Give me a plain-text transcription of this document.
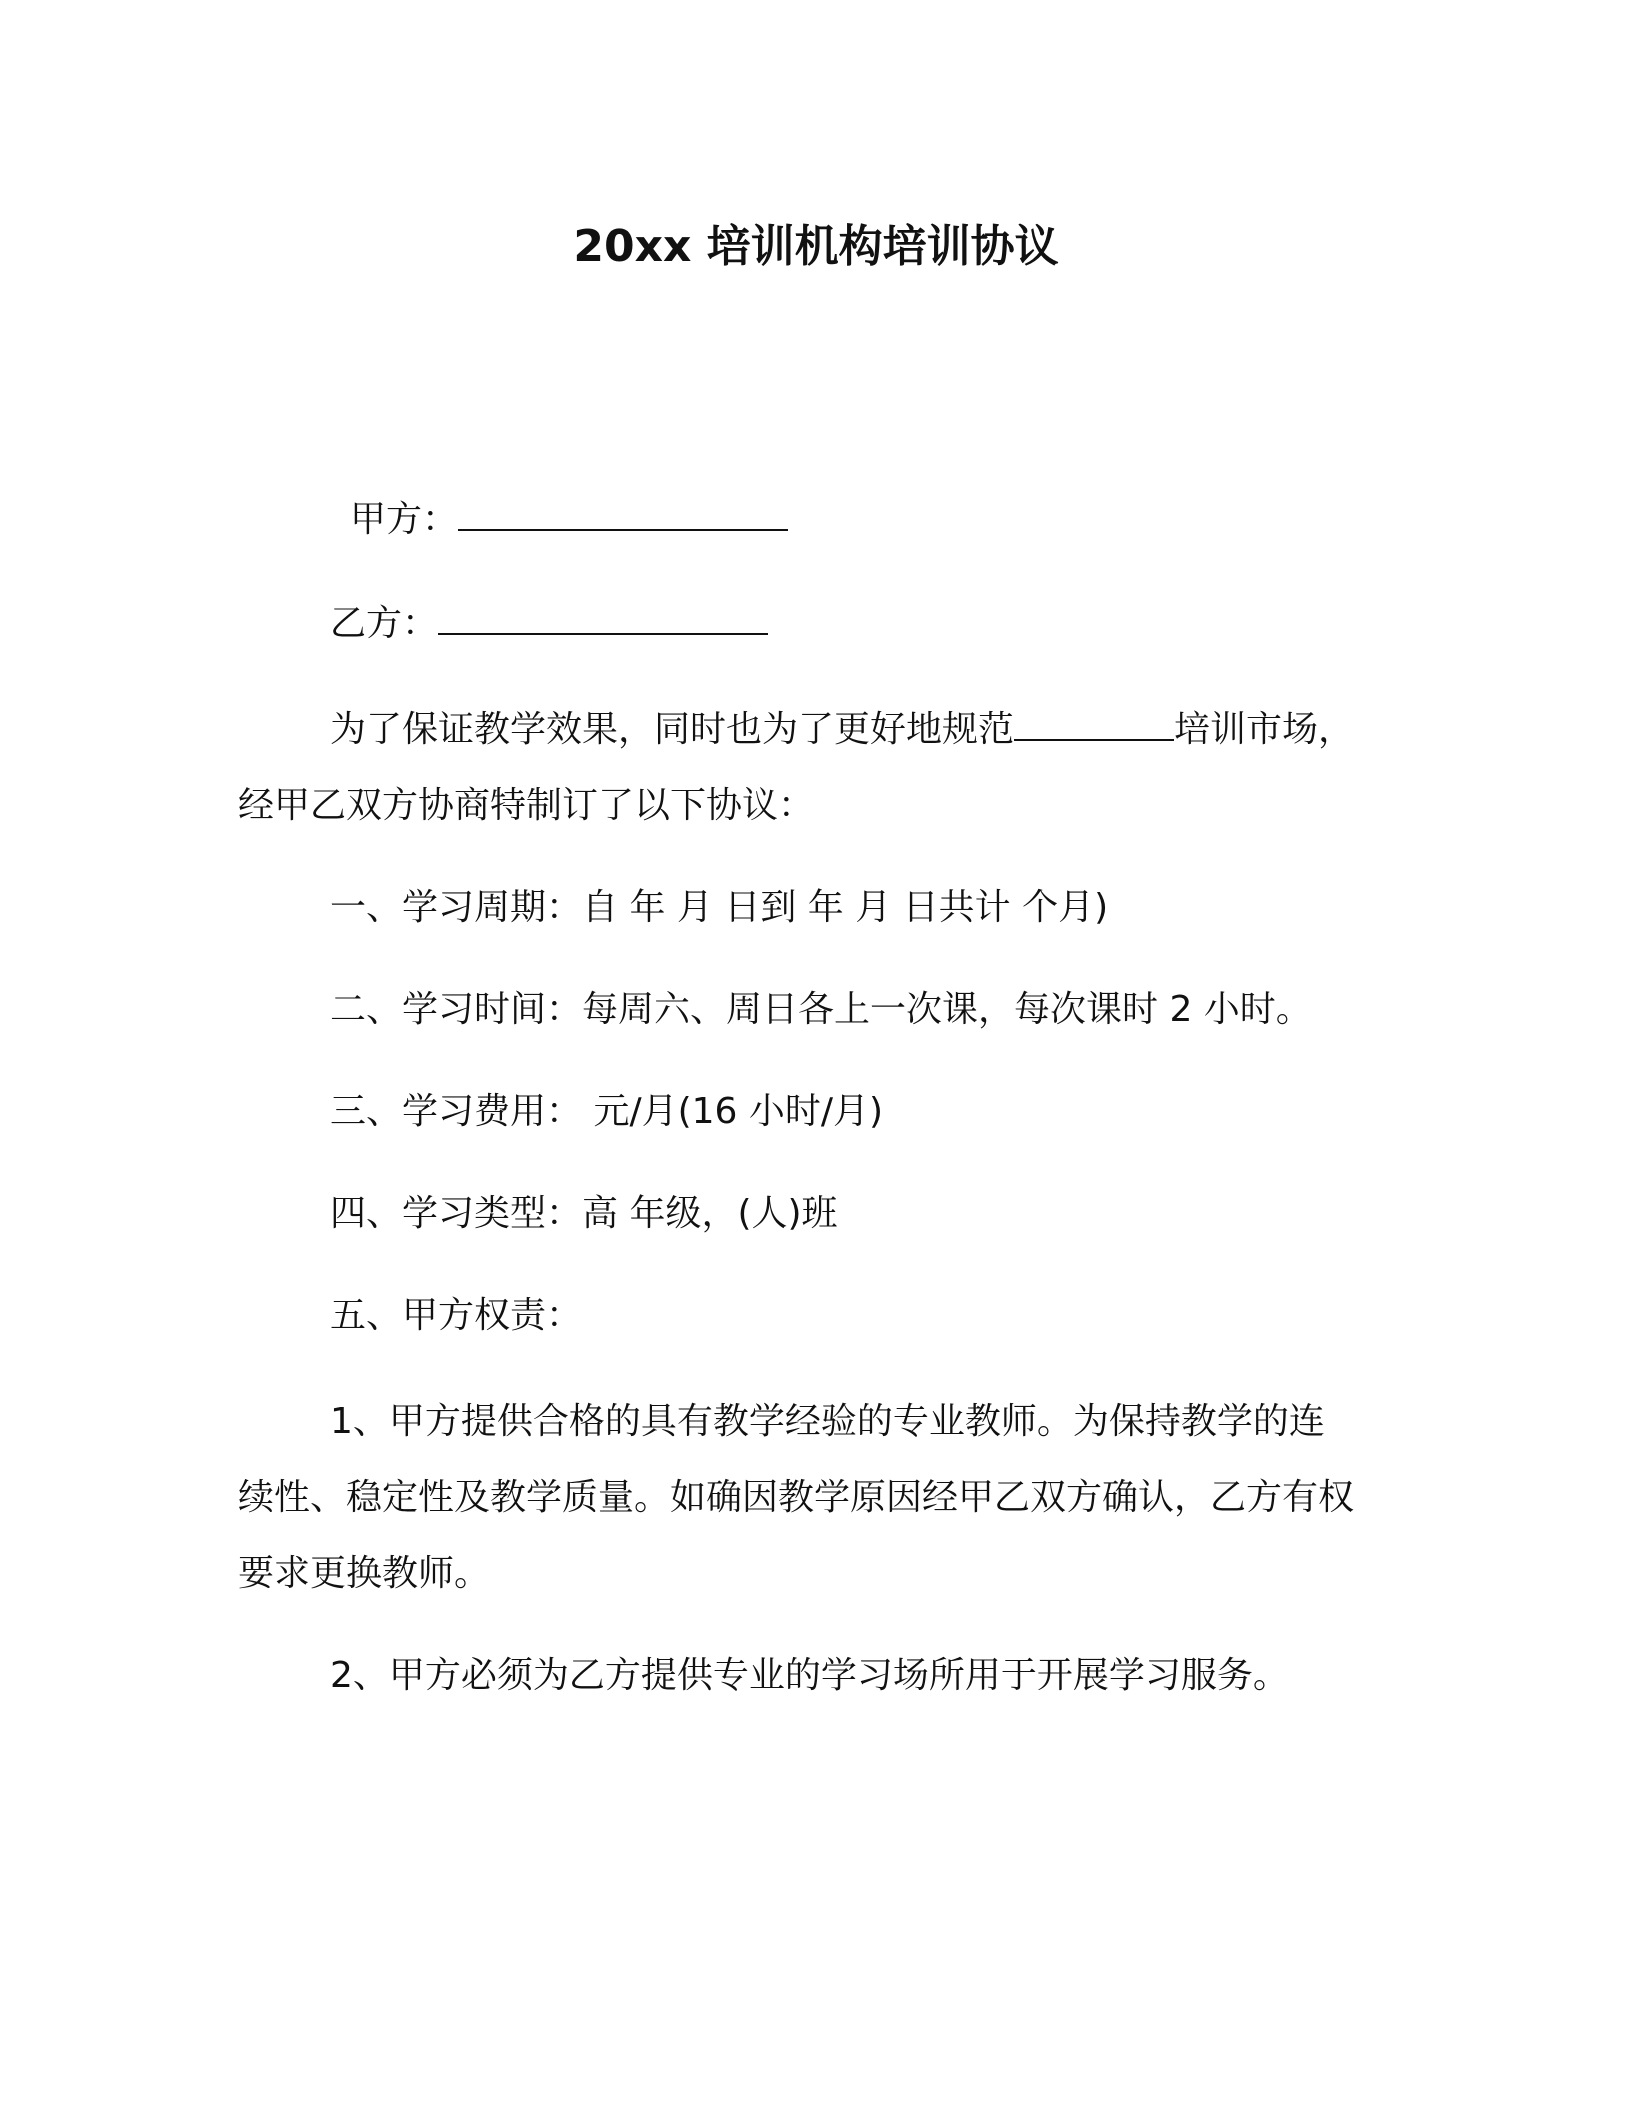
20xx 培训机构培训协议
甲方：
乙方：
为了保证教学效果，同时也为了更好地规范	培训市场，经甲乙双方协商特制订了以下协议：
一、学习周期：自 年 月 日到 年 月 日共计 个月)
二、学习时间：每周六、周日各上一次课，每次课时 2 小时。
三、学习费用： 元/月(16 小时/月)
四、学习类型：高 年级，(人)班
五、甲方权责：
1、甲方提供合格的具有教学经验的专业教师。为保持教学的连续性、稳定性及教学质量。如确因教学原因经甲乙双方确认，乙方有权要求更换教师。
2、甲方必须为乙方提供专业的学习场所用于开展学习服务。
